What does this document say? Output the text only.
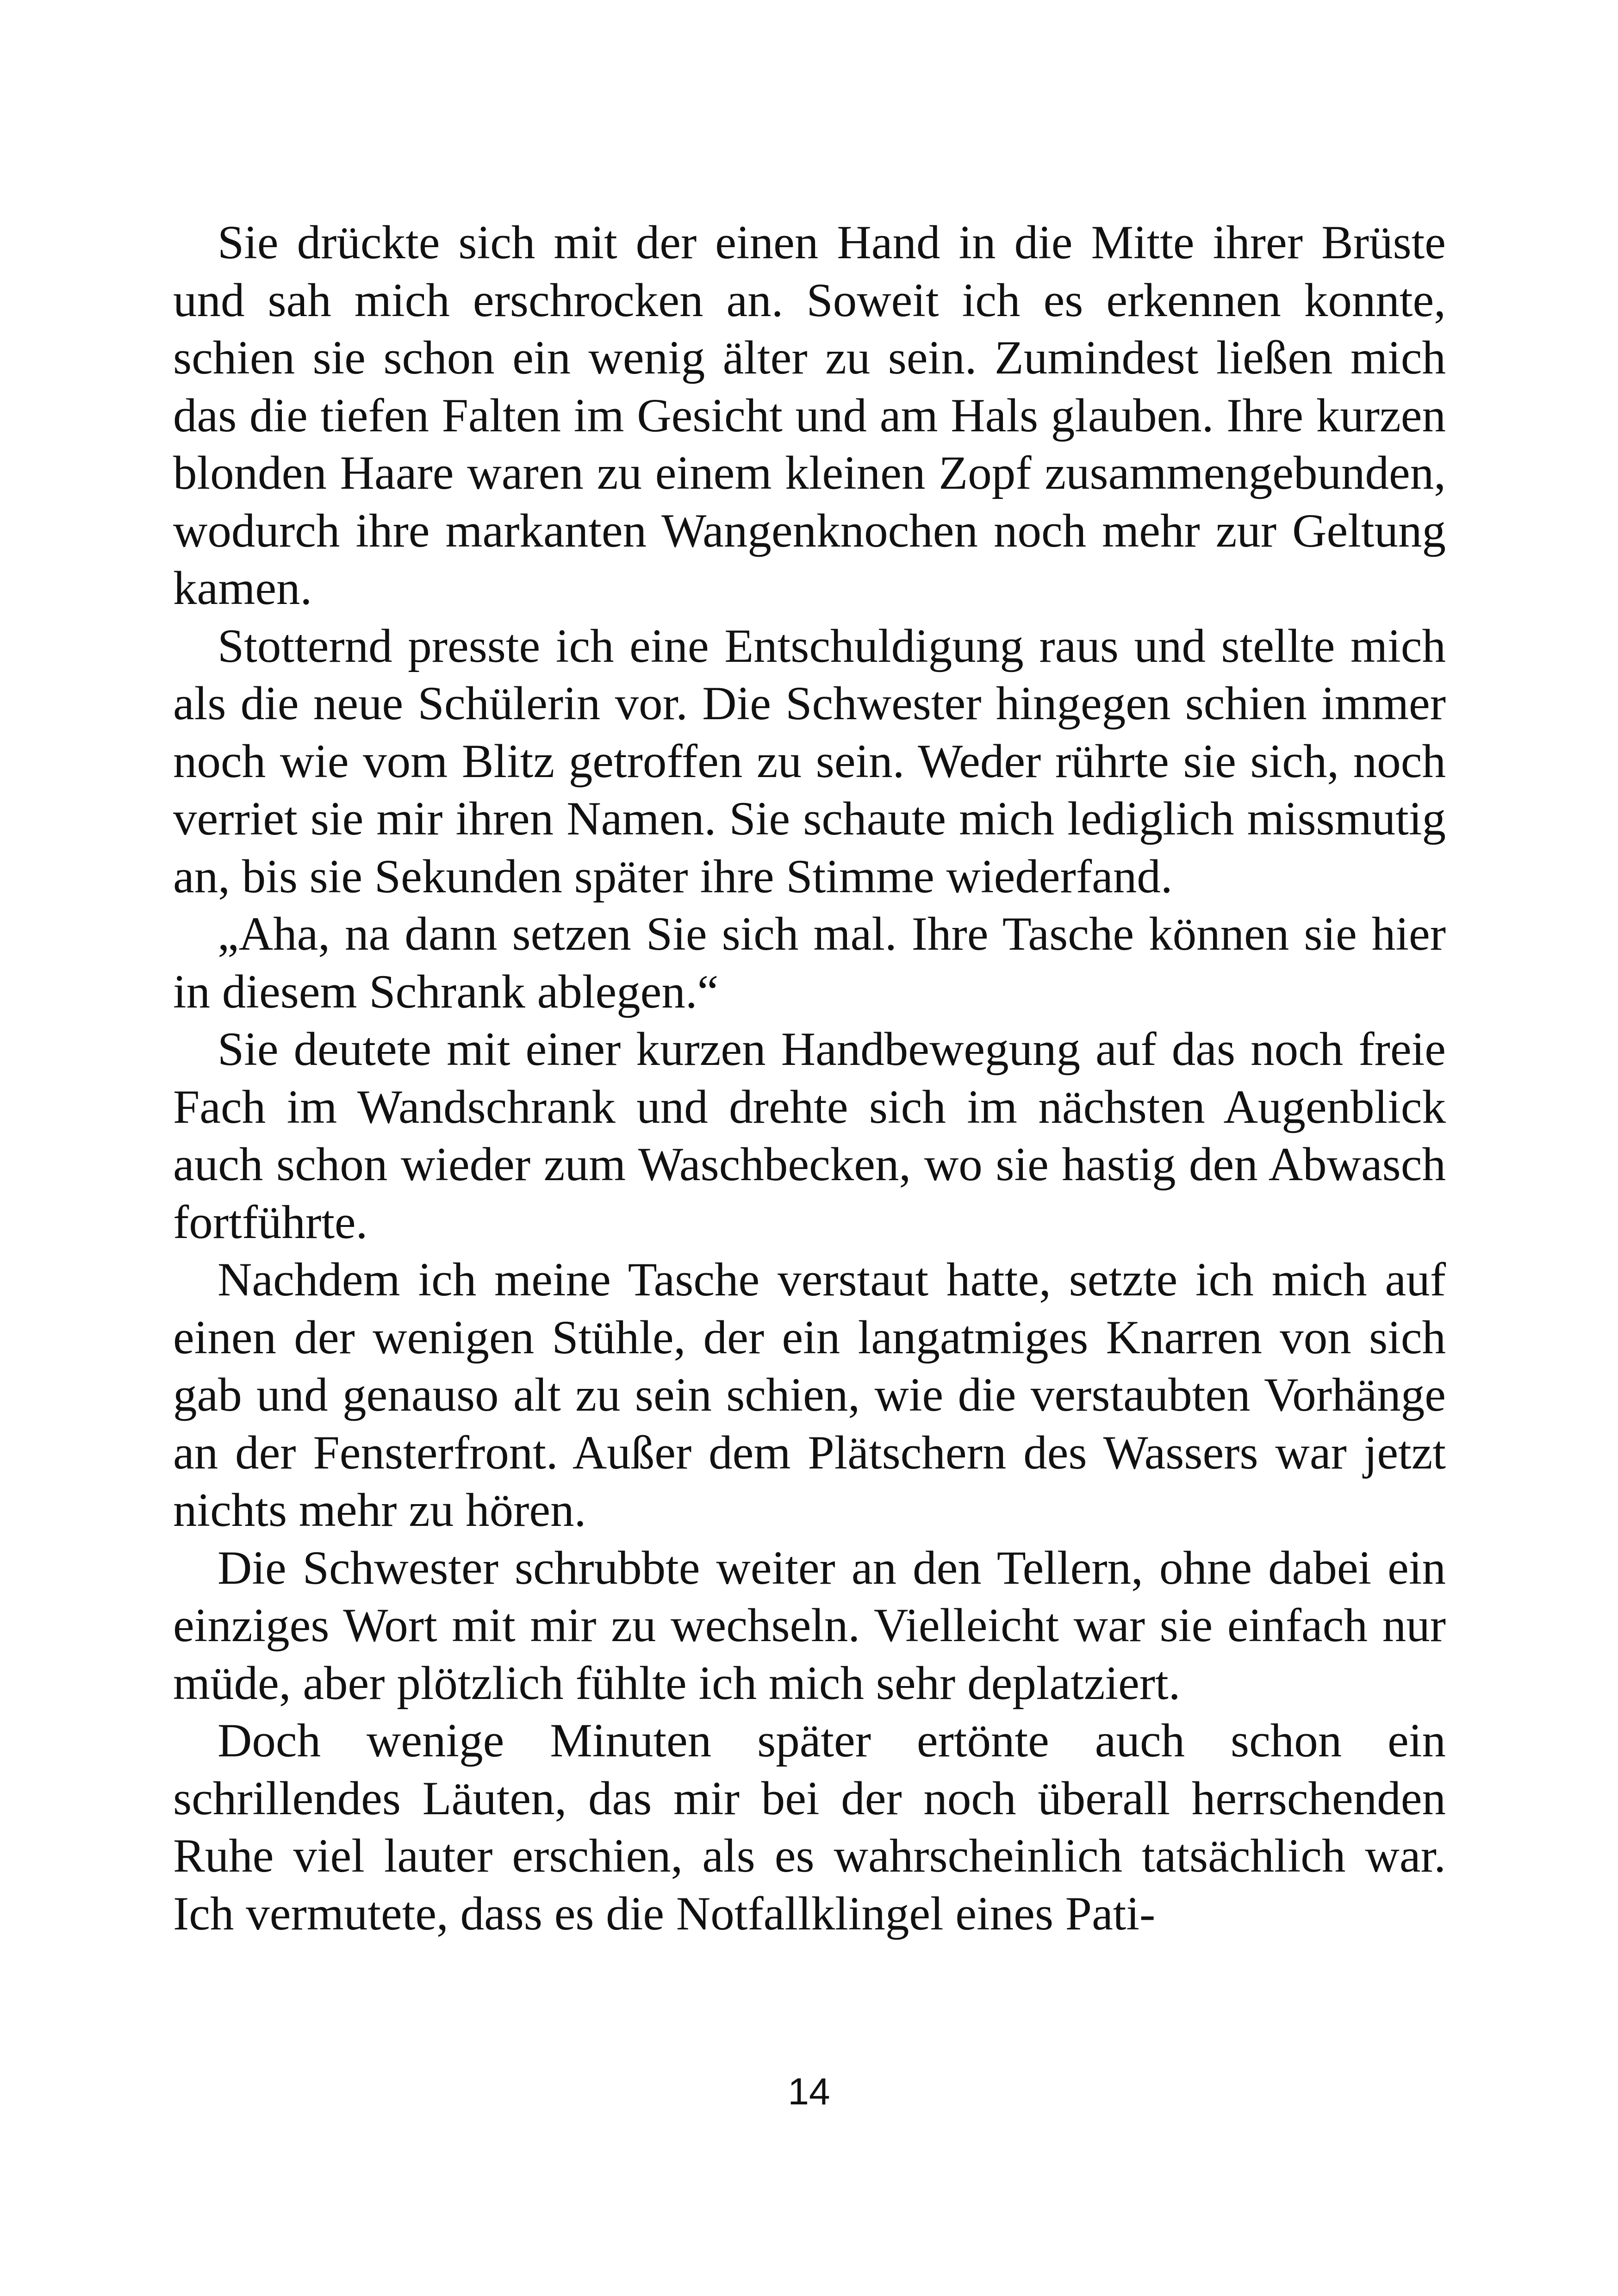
Sie drückte sich mit der einen Hand in die Mitte ihrer Brüste und sah mich erschrocken an. Soweit ich es erkennen konnte, schien sie schon ein wenig älter zu sein. Zumindest ließen mich das die tiefen Falten im Gesicht und am Hals glauben. Ihre kurzen blonden Haare waren zu einem kleinen Zopf zusammengebunden, wodurch ihre markanten Wangenknochen noch mehr zur Geltung kamen.

Stotternd presste ich eine Entschuldigung raus und stellte mich als die neue Schülerin vor. Die Schwester hingegen schien immer noch wie vom Blitz getroffen zu sein. Weder rührte sie sich, noch verriet sie mir ihren Namen. Sie schaute mich lediglich missmutig an, bis sie Sekunden später ihre Stimme wiederfand.

„Aha, na dann setzen Sie sich mal. Ihre Tasche können sie hier in diesem Schrank ablegen.“

Sie deutete mit einer kurzen Handbewegung auf das noch freie Fach im Wandschrank und drehte sich im nächsten Augenblick auch schon wieder zum Waschbecken, wo sie hastig den Abwasch fortführte.

Nachdem ich meine Tasche verstaut hatte, setzte ich mich auf einen der wenigen Stühle, der ein langatmiges Knarren von sich gab und genauso alt zu sein schien, wie die verstaubten Vorhänge an der Fensterfront. Außer dem Plätschern des Wassers war jetzt nichts mehr zu hören.

Die Schwester schrubbte weiter an den Tellern, ohne dabei ein einziges Wort mit mir zu wechseln. Vielleicht war sie einfach nur müde, aber plötzlich fühlte ich mich sehr deplatziert.

Doch wenige Minuten später ertönte auch schon ein schrillendes Läuten, das mir bei der noch überall herrschenden Ruhe viel lauter erschien, als es wahrscheinlich tatsächlich war. Ich vermutete, dass es die Notfallklingel eines Pati-

14
